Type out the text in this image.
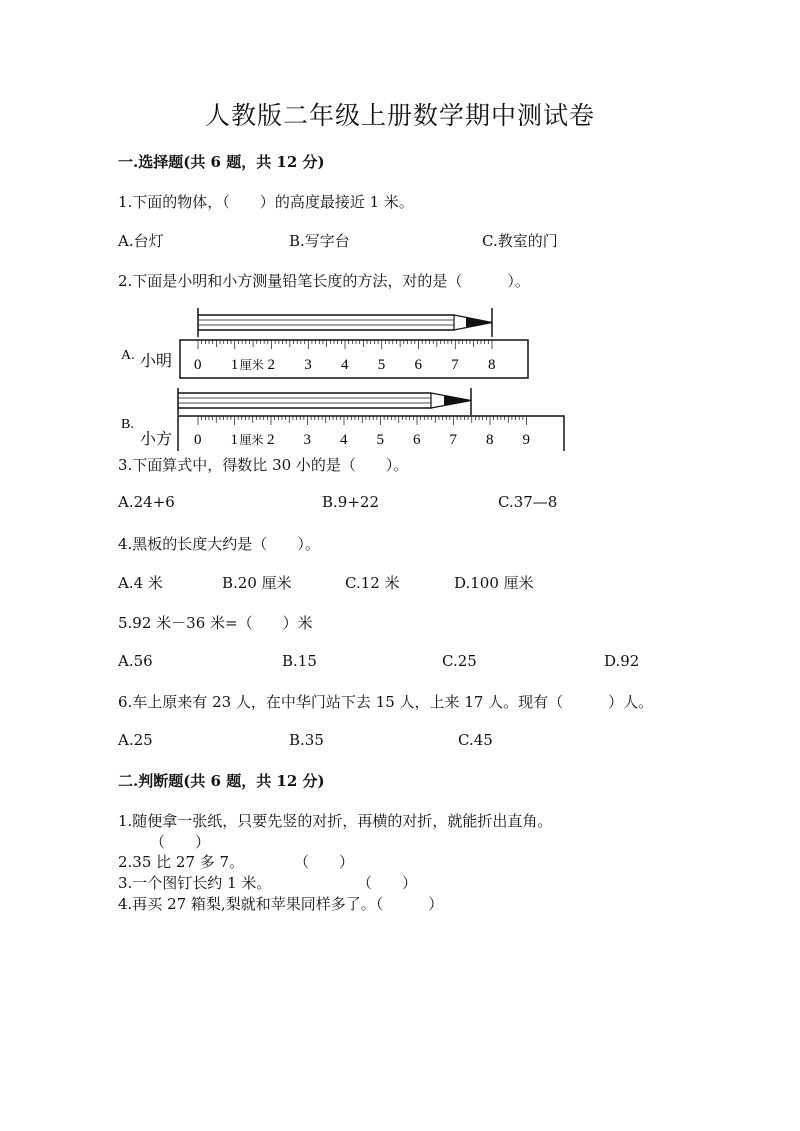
人教版二年级上册数学期中测试卷
一.选择题(共 6 题，共 12 分)
1.下面的物体，（　　）的高度最接近 1 米。
A.台灯	B.写字台	C.教室的门
2.下面是小明和小方测量铅笔长度的方法，对的是（　　　）。
A. 小明 0 1 厘米 2 3 4 5 6 7 8
B.
小方 0 1 厘米 2 3 4 5 6 7 8 9
3.下面算式中，得数比 30 小的是（　　）。
A.24+6	B.9+22	C.37—8
4.黑板的长度大约是（　　）。
A.4 米	B.20 厘米	C.12 米	D.100 厘米
5.92 米－36 米=（　　）米
A.56	B.15	C.25	D.92
6.车上原来有 23 人，在中华门站下去 15 人，上来 17 人。现有（　　　）人。
A.25	B.35	C.45
二.判断题(共 6 题，共 12 分)
1.随便拿一张纸，只要先竖的对折，再横的对折，就能折出直角。
（　　）
2.35 比 27 多 7。	（　　）
3.一个图钉长约 1 米。	（　　）
4.再买 27 箱梨,梨就和苹果同样多了。（　　　）
